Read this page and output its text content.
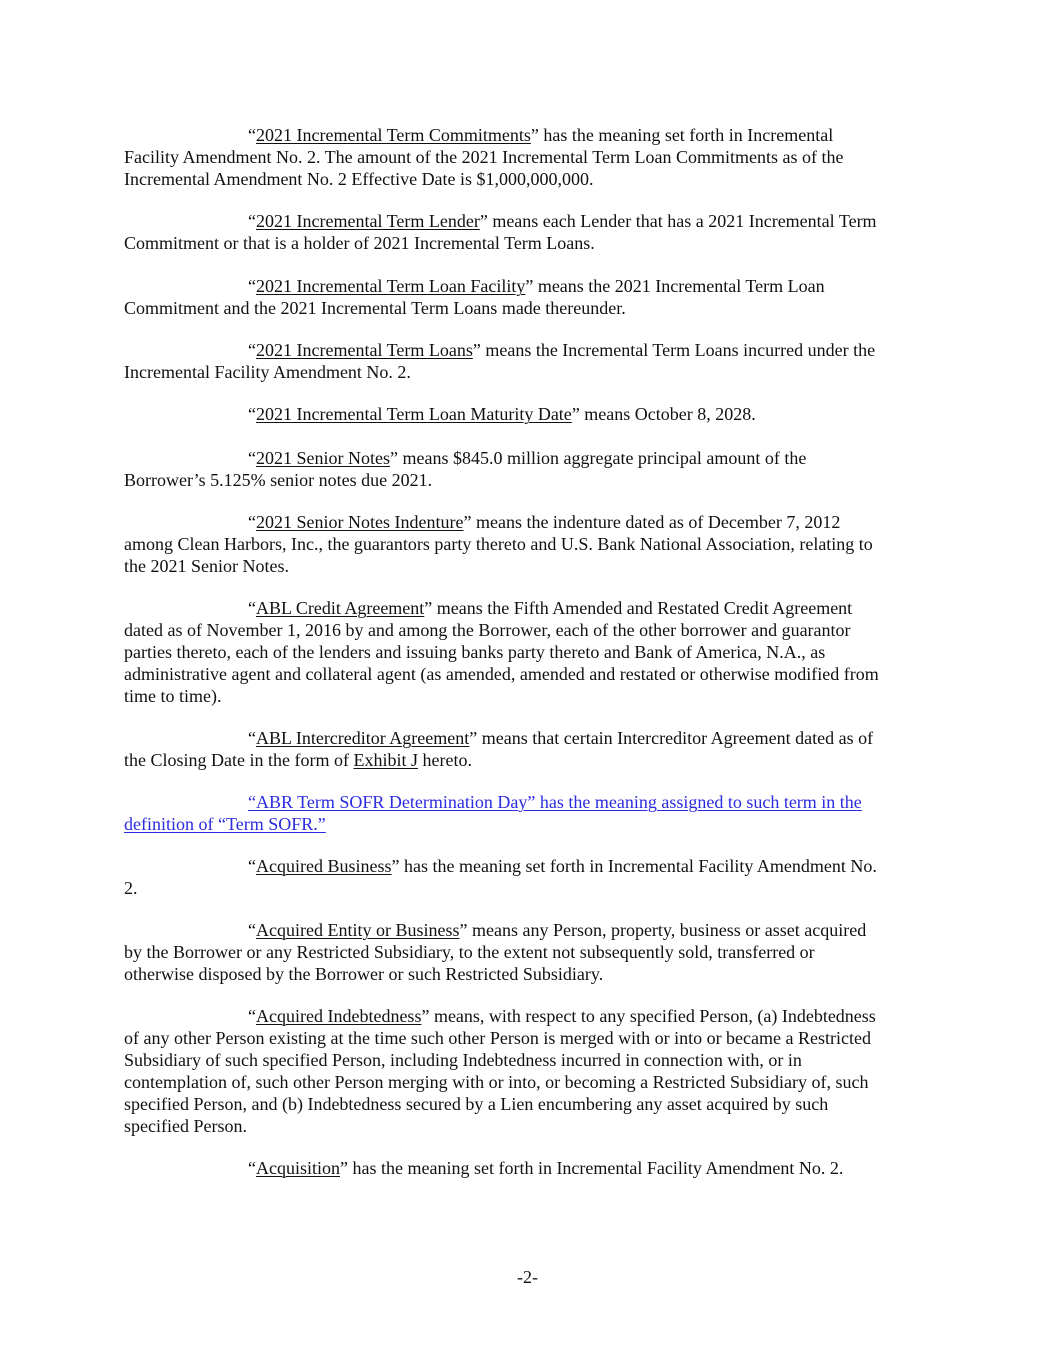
“2021 Incremental Term Commitments” has the meaning set forth in Incremental
Facility Amendment No. 2. The amount of the 2021 Incremental Term Loan Commitments as of the
Incremental Amendment No. 2 Effective Date is $1,000,000,000.
“2021 Incremental Term Lender” means each Lender that has a 2021 Incremental Term
Commitment or that is a holder of 2021 Incremental Term Loans.
“2021 Incremental Term Loan Facility” means the 2021 Incremental Term Loan
Commitment and the 2021 Incremental Term Loans made thereunder.
“2021 Incremental Term Loans” means the Incremental Term Loans incurred under the
Incremental Facility Amendment No. 2.
“2021 Incremental Term Loan Maturity Date” means October 8, 2028.
“2021 Senior Notes” means $845.0 million aggregate principal amount of the
Borrower’s 5.125% senior notes due 2021.
“2021 Senior Notes Indenture” means the indenture dated as of December 7, 2012
among Clean Harbors, Inc., the guarantors party thereto and U.S. Bank National Association, relating to
the 2021 Senior Notes.
“ABL Credit Agreement” means the Fifth Amended and Restated Credit Agreement
dated as of November 1, 2016 by and among the Borrower, each of the other borrower and guarantor
parties thereto, each of the lenders and issuing banks party thereto and Bank of America, N.A., as
administrative agent and collateral agent (as amended, amended and restated or otherwise modified from
time to time).
“ABL Intercreditor Agreement” means that certain Intercreditor Agreement dated as of
the Closing Date in the form of Exhibit J hereto.
“ABR Term SOFR Determination Day” has the meaning assigned to such term in the
definition of “Term SOFR.”
“Acquired Business” has the meaning set forth in Incremental Facility Amendment No.
2.
“Acquired Entity or Business” means any Person, property, business or asset acquired
by the Borrower or any Restricted Subsidiary, to the extent not subsequently sold, transferred or
otherwise disposed by the Borrower or such Restricted Subsidiary.
“Acquired Indebtedness” means, with respect to any specified Person, (a) Indebtedness
of any other Person existing at the time such other Person is merged with or into or became a Restricted
Subsidiary of such specified Person, including Indebtedness incurred in connection with, or in
contemplation of, such other Person merging with or into, or becoming a Restricted Subsidiary of, such
specified Person, and (b) Indebtedness secured by a Lien encumbering any asset acquired by such
specified Person.
“Acquisition” has the meaning set forth in Incremental Facility Amendment No. 2.
-2-
